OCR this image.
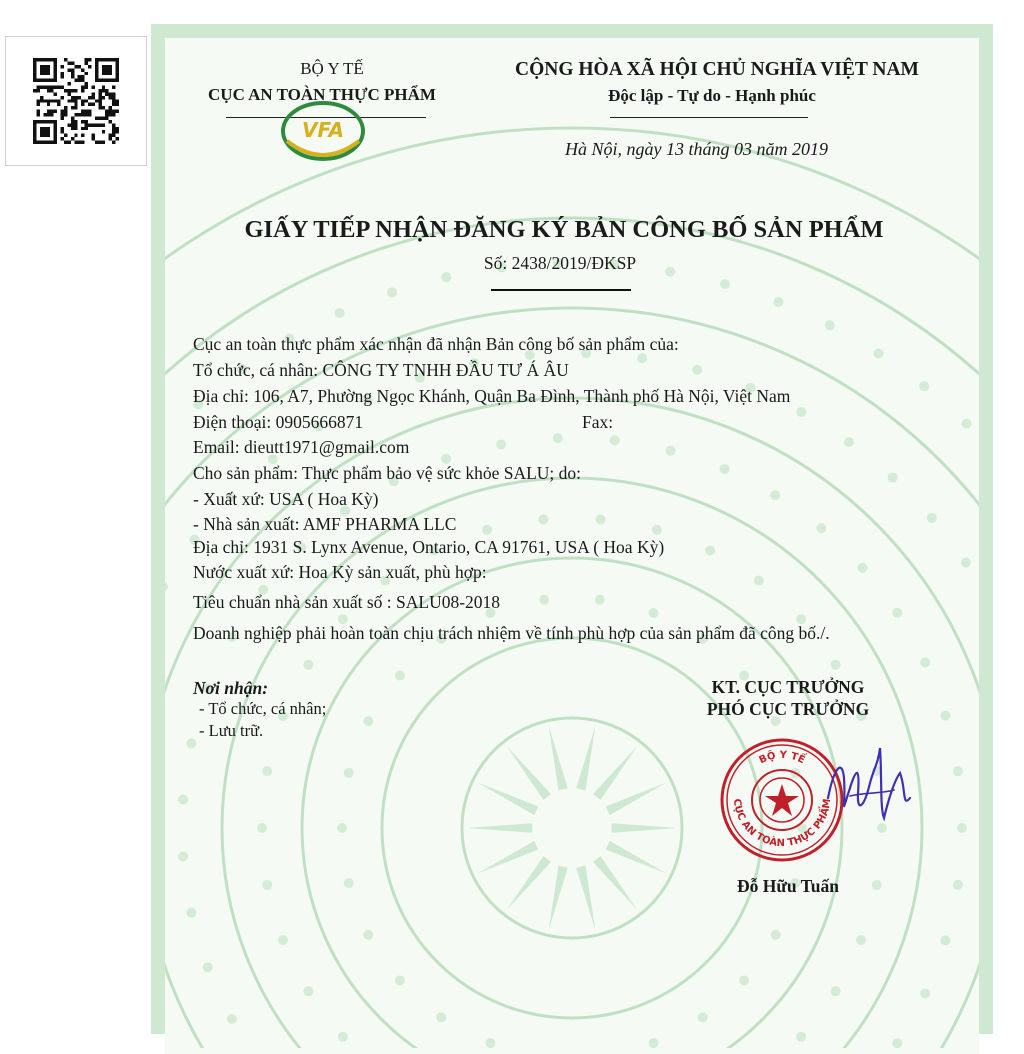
BỘ Y TẾ
CỤC AN TOÀN THỰC PHẨM
VFA
CỘNG HÒA XÃ HỘI CHỦ NGHĨA VIỆT NAM
Độc lập - Tự do - Hạnh phúc
Hà Nội, ngày 13 tháng 03 năm 2019
GIẤY TIẾP NHẬN ĐĂNG KÝ BẢN CÔNG BỐ SẢN PHẨM
Số: 2438/2019/ĐKSP
Cục an toàn thực phẩm xác nhận đã nhận Bản công bố sản phẩm của:
Tổ chức, cá nhân: CÔNG TY TNHH ĐẦU TƯ Á ÂU
Địa chỉ: 106, A7, Phường Ngọc Khánh, Quận Ba Đình, Thành phố Hà Nội, Việt Nam
Điện thoại: 0905666871	Fax:
Email: dieutt1971@gmail.com
Cho sản phẩm: Thực phẩm bảo vệ sức khỏe SALU; do:
- Xuất xứ: USA ( Hoa Kỳ)
- Nhà sản xuất: AMF PHARMA LLC
Địa chỉ: 1931 S. Lynx Avenue, Ontario, CA 91761, USA ( Hoa Kỳ)
Nước xuất xứ: Hoa Kỳ sản xuất, phù hợp:
Tiêu chuẩn nhà sản xuất số : SALU08-2018
Doanh nghiệp phải hoàn toàn chịu trách nhiệm về tính phù hợp của sản phẩm đã công bố./.
Nơi nhận:
- Tổ chức, cá nhân;
- Lưu trữ.
KT. CỤC TRƯỞNG
PHÓ CỤC TRƯỞNG
BỘ Y TẾ
CỤC AN TOÀN THỰC PHẨM
Đỗ Hữu Tuấn
